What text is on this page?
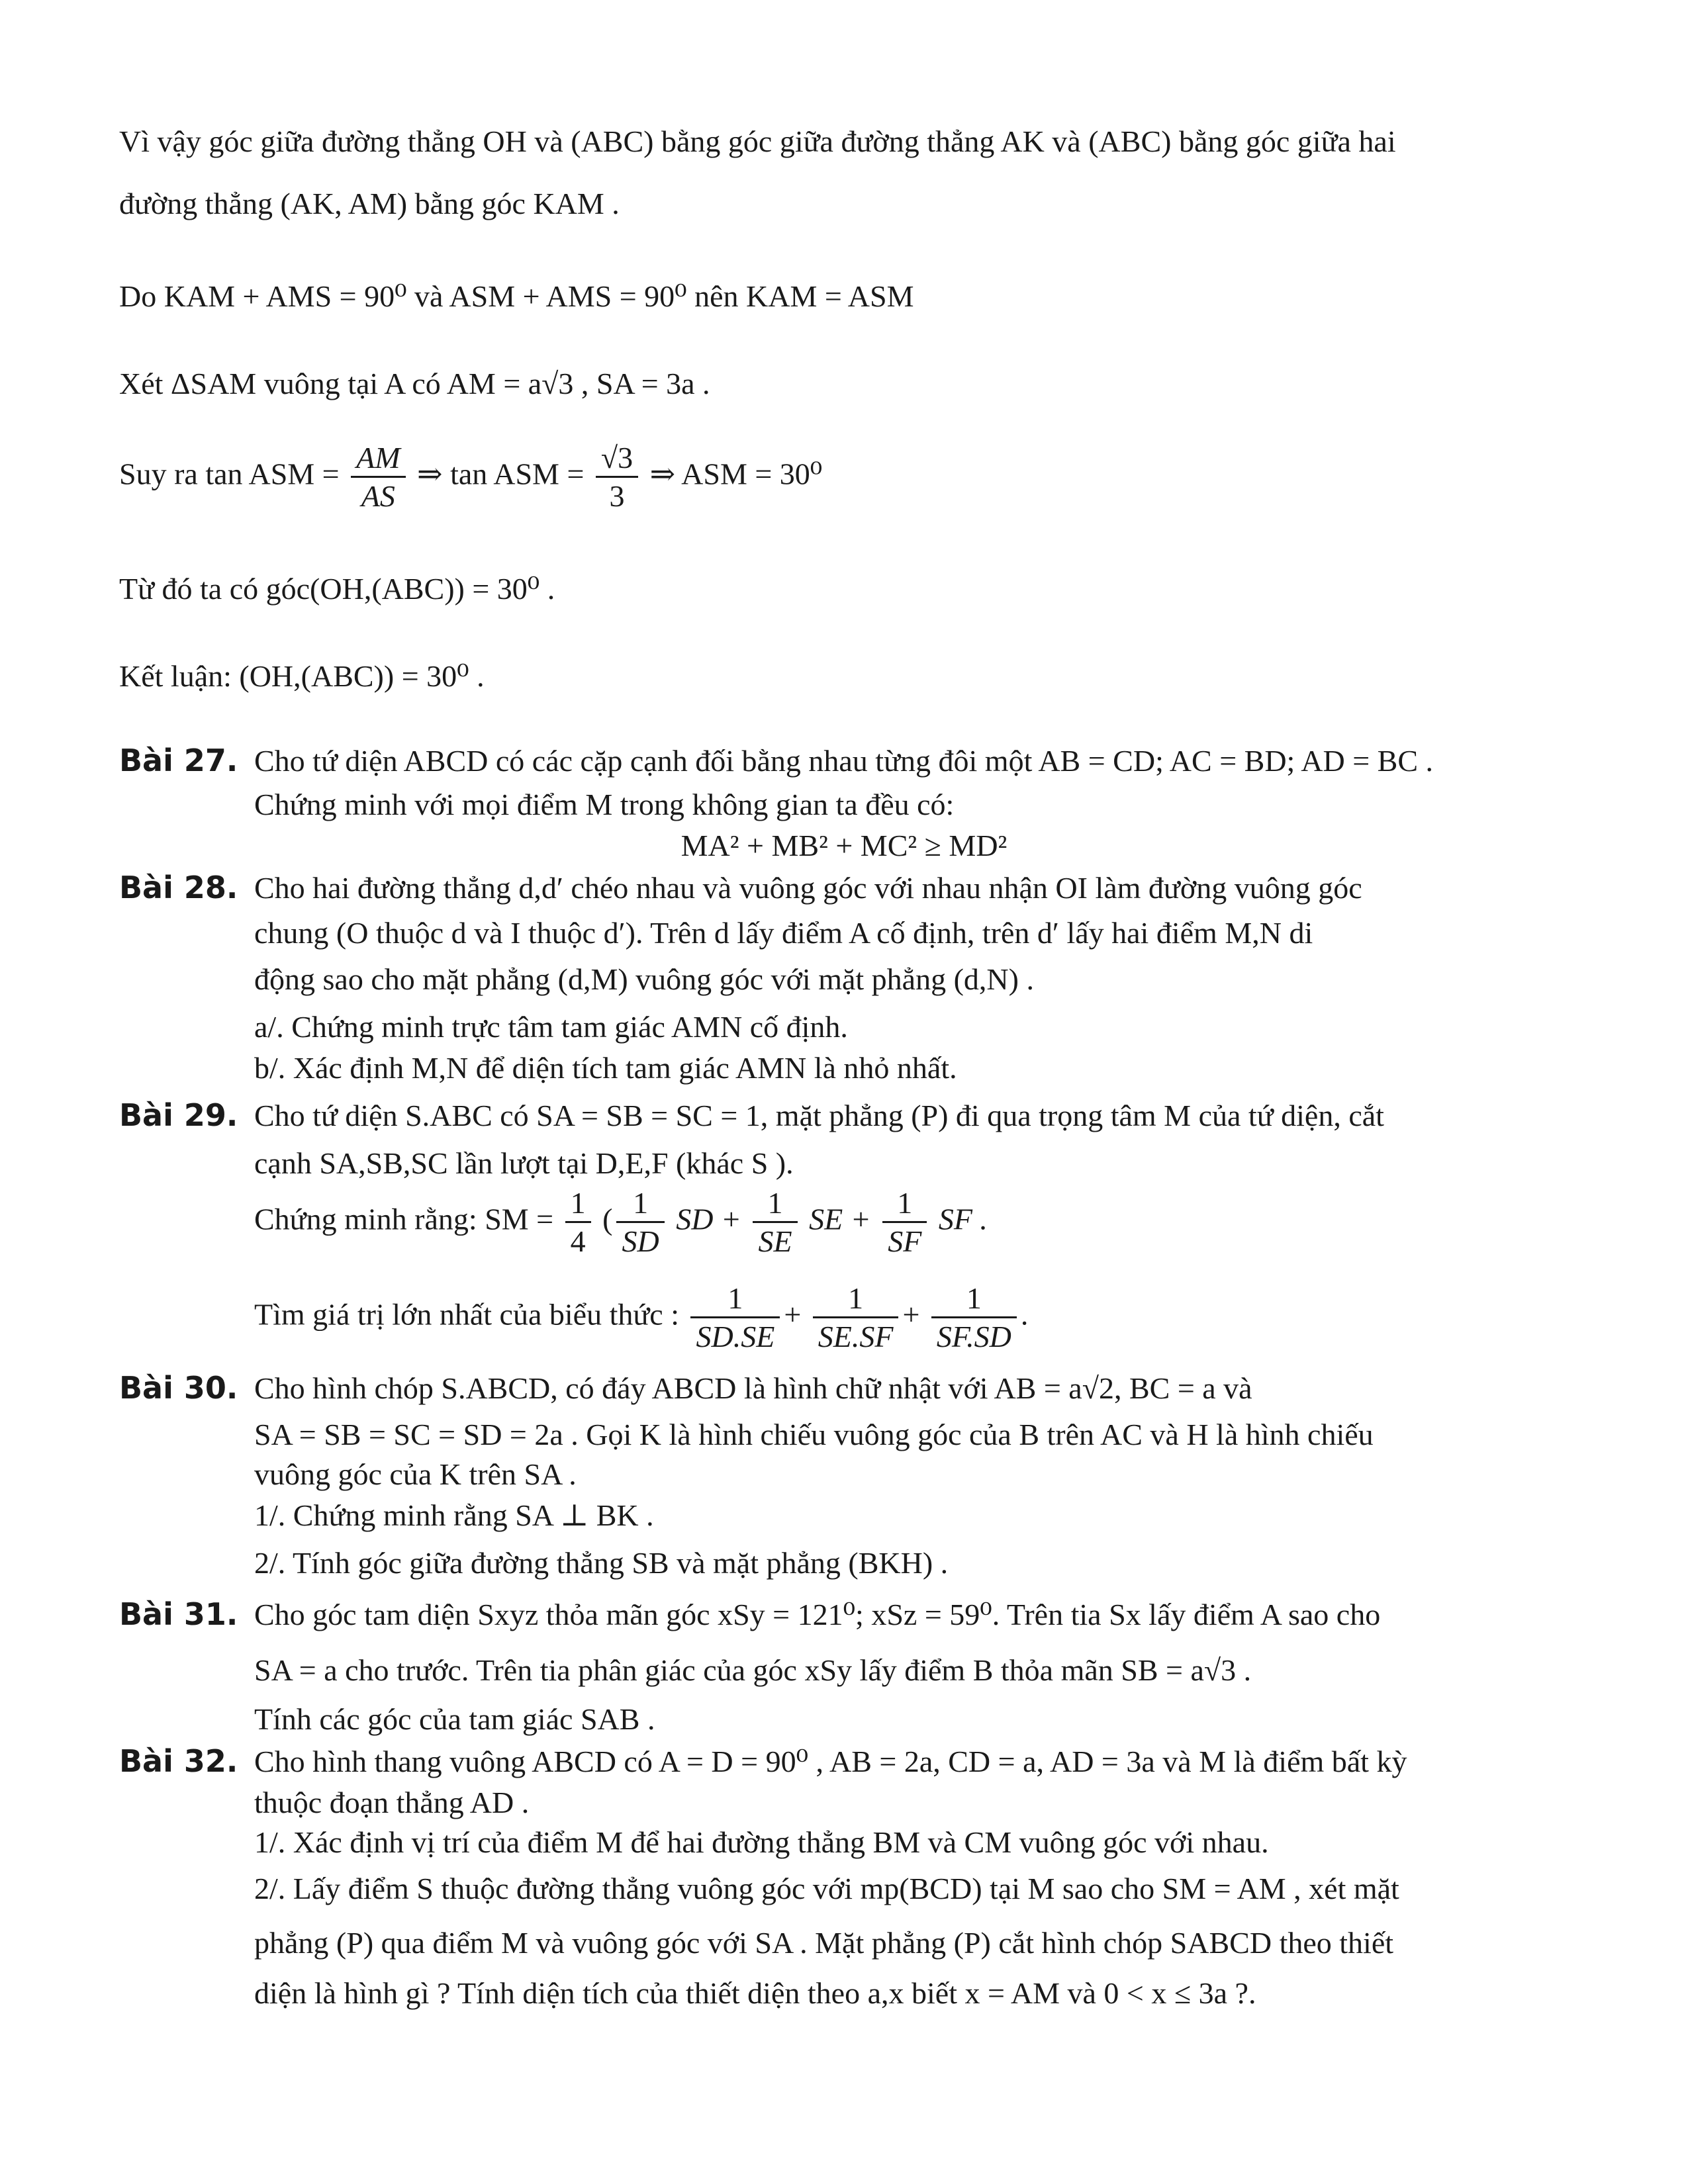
Vì vậy góc giữa đường thẳng OH và (ABC) bằng góc giữa đường thẳng AK và (ABC) bằng góc giữa hai
đường thẳng (AK, AM) bằng góc KAM .
Do KAM + AMS = 90⁰ và ASM + AMS = 90⁰ nên KAM = ASM
Xét ΔSAM vuông tại A có AM = a√3 , SA = 3a .
Suy ra tan ASM = $\frac{AM}{AS}$ ⇒ tan ASM = $\frac{√3}{3}$ ⇒ ASM = 30⁰
Từ đó ta có góc(OH,(ABC)) = 30⁰ .
Kết luận: (OH,(ABC)) = 30⁰ .
Bài 27. Cho tứ diện ABCD có các cặp cạnh đối bằng nhau từng đôi một AB = CD; AC = BD; AD = BC .
Chứng minh với mọi điểm M trong không gian ta đều có:
MA² + MB² + MC² ≥ MD²
Bài 28. Cho hai đường thẳng d,d′ chéo nhau và vuông góc với nhau nhận OI làm đường vuông góc
chung (O thuộc d và I thuộc d′). Trên d lấy điểm A cố định, trên d′ lấy hai điểm M,N di
động sao cho mặt phẳng (d,M) vuông góc với mặt phẳng (d,N) .
a/. Chứng minh trực tâm tam giác AMN cố định.
b/. Xác định M,N để diện tích tam giác AMN là nhỏ nhất.
Bài 29. Cho tứ diện S.ABC có SA = SB = SC = 1, mặt phẳng (P) đi qua trọng tâm M của tứ diện, cắt
cạnh SA,SB,SC lần lượt tại D,E,F (khác S ).
Chứng minh rằng: SM = $\frac{1}{4}$ ( $\frac{1}{SD}$ SD + $\frac{1}{SE}$ SE + $\frac{1}{SF}$ SF .
Tìm giá trị lớn nhất của biểu thức : $\frac{1}{SD.SE} + \frac{1}{SE.SF} + \frac{1}{SF.SD}$ .
Bài 30. Cho hình chóp S.ABCD, có đáy ABCD là hình chữ nhật với AB = a√2, BC = a và
SA = SB = SC = SD = 2a . Gọi K là hình chiếu vuông góc của B trên AC và H là hình chiếu
vuông góc của K trên SA .
1/. Chứng minh rằng SA ⊥ BK .
2/. Tính góc giữa đường thẳng SB và mặt phẳng (BKH) .
Bài 31. Cho góc tam diện Sxyz thỏa mãn góc xSy = 121⁰; xSz = 59⁰. Trên tia Sx lấy điểm A sao cho
SA = a cho trước. Trên tia phân giác của góc xSy lấy điểm B thỏa mãn SB = a√3 .
Tính các góc của tam giác SAB .
Bài 32. Cho hình thang vuông ABCD có A = D = 90⁰ , AB = 2a, CD = a, AD = 3a và M là điểm bất kỳ
thuộc đoạn thẳng AD .
1/. Xác định vị trí của điểm M để hai đường thẳng BM và CM vuông góc với nhau.
2/. Lấy điểm S thuộc đường thẳng vuông góc với mp(BCD) tại M sao cho SM = AM , xét mặt
phẳng (P) qua điểm M và vuông góc với SA . Mặt phẳng (P) cắt hình chóp SABCD theo thiết
diện là hình gì ? Tính diện tích của thiết diện theo a,x biết x = AM và 0 < x ≤ 3a ?.
